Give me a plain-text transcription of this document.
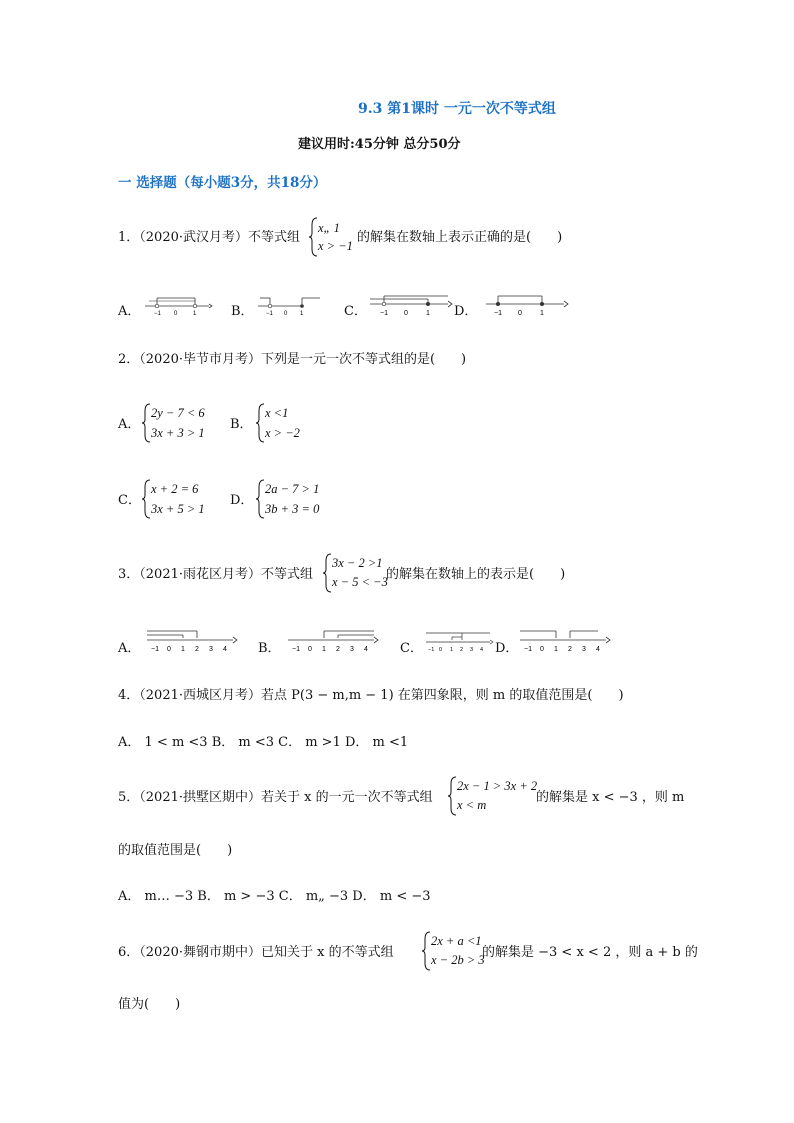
9.3 第1课时 一元一次不等式组
建议用时:45分钟 总分50分
一 选择题（每小题3分，共18分）
1．（2020·武汉月考）不等式组
x„ 1
x > −1
的解集在数轴上表示正确的是(　　)
A． −1 0	1	B． −1 0 1	C． −1 0	1 D． −1 0	1
2．（2020·毕节市月考）下列是一元一次不等式组的是(　　)
A．
2y − 7 < 6
3x + 3 > 1
B．
x <1
x > −2
C．
x + 2 = 6
3x + 5 > 1
D．
2a − 7 > 1
3b + 3 = 0
3．（2021·雨花区月考）不等式组
3x − 2 >1
x − 5 < −3
的解集在数轴上的表示是(　　)
A． −1 0 1 2 3 4 B． −1 0 1 2 3 4 C． −1 0 1 2 3 4 D． −1 0 1 2 3 4
4．（2021·西城区月考）若点 P(3 − m,m − 1) 在第四象限，则 m 的取值范围是(　　)
A． 1 < m <3 B． m <3 C． m >1 D． m <1
5．（2021·拱墅区期中）若关于 x 的一元一次不等式组
2x − 1 > 3x + 2
x < m	的解集是 x < −3 ，则 m
的取值范围是(　　)
A． m… −3 B． m > −3 C． m„ −3 D． m < −3
6．（2020·舞钢市期中）已知关于 x 的不等式组
2x + a <1
x − 2b > 3
的解集是 −3 < x < 2 ，则 a + b 的
值为(　　)
